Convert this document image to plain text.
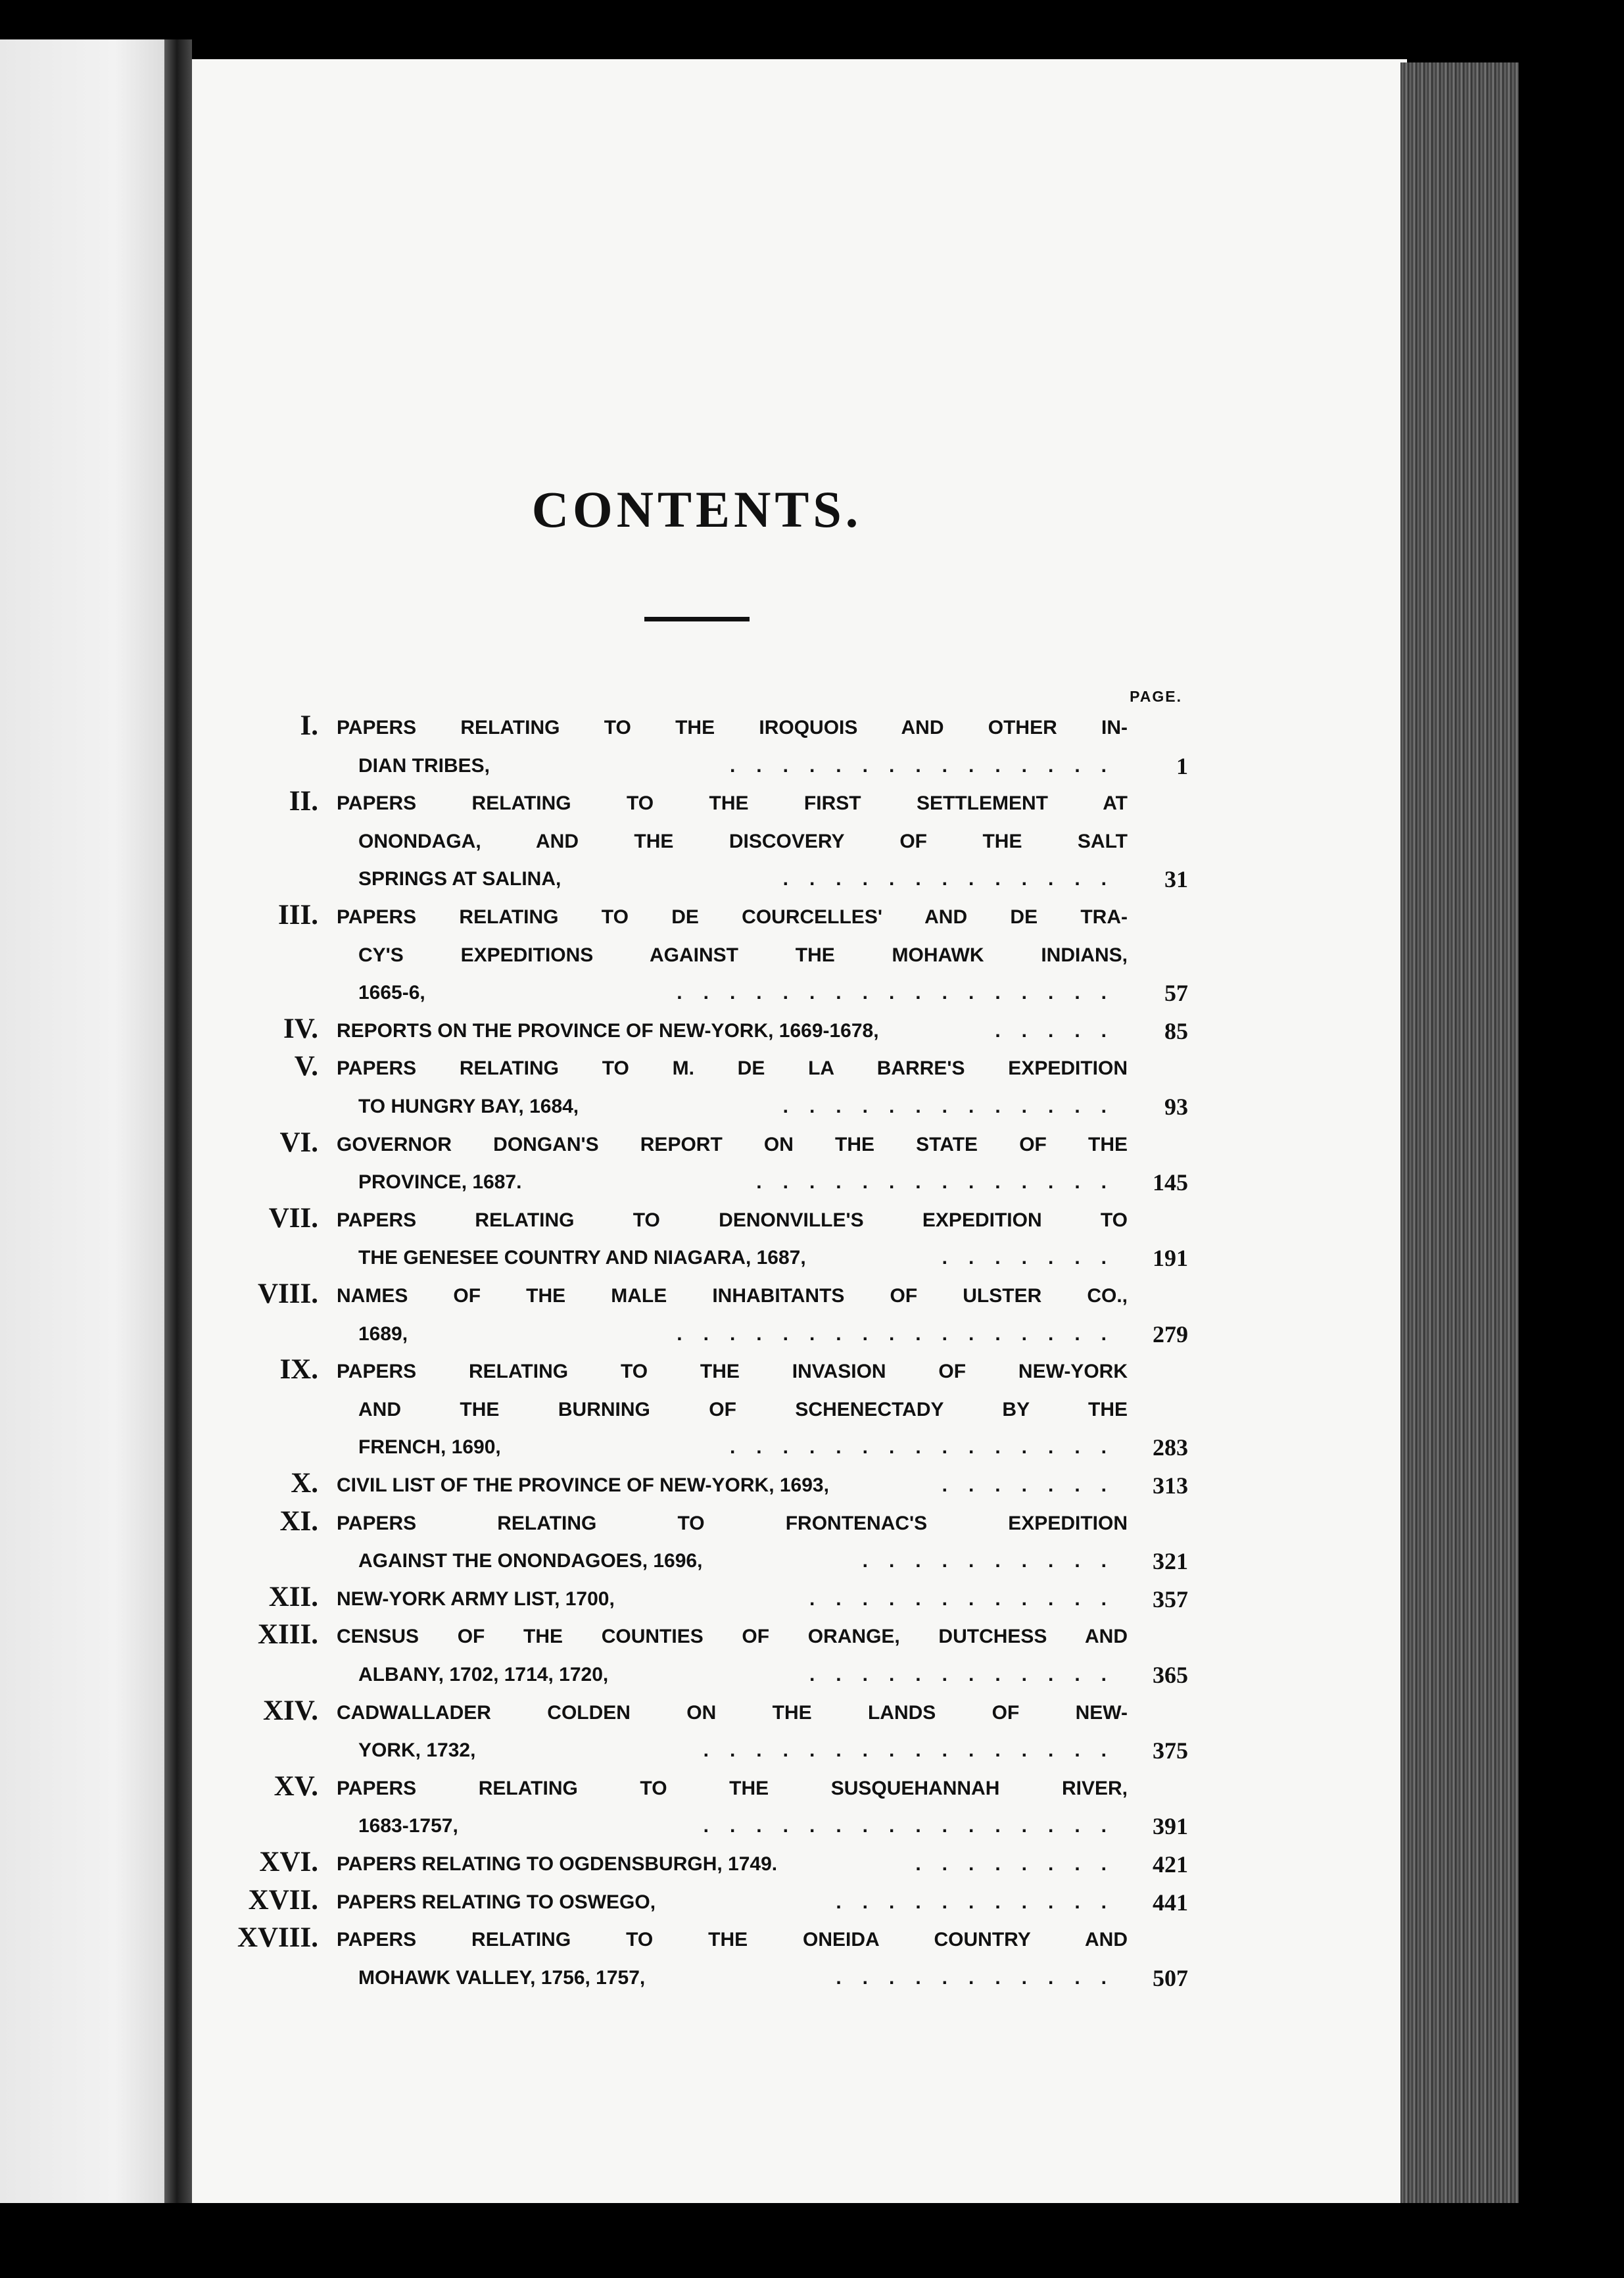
CONTENTS.
PAGE.
I. PAPERS RELATING TO THE IROQUOIS AND OTHER IN-
DIAN TRIBES,	...............	1
II. PAPERS RELATING TO THE FIRST SETTLEMENT AT
ONONDAGA, AND THE DISCOVERY OF THE SALT
SPRINGS AT SALINA,	.............	31
III. PAPERS RELATING TO DE COURCELLES' AND DE TRA-
CY'S EXPEDITIONS AGAINST THE MOHAWK INDIANS,
1665-6,	.................	57
IV. REPORTS ON THE PROVINCE OF NEW-YORK, 1669-1678,	.....	85
V. PAPERS RELATING TO M. DE LA BARRE'S EXPEDITION
TO HUNGRY BAY, 1684,	.............	93
VI. GOVERNOR DONGAN'S REPORT ON THE STATE OF THE
PROVINCE, 1687.	..............	145
VII. PAPERS RELATING TO DENONVILLE'S EXPEDITION TO
THE GENESEE COUNTRY AND NIAGARA, 1687,	.......	191
VIII. NAMES OF THE MALE INHABITANTS OF ULSTER CO.,
1689,	.................	279
IX. PAPERS RELATING TO THE INVASION OF NEW-YORK
AND THE BURNING OF SCHENECTADY BY THE
FRENCH, 1690,	...............	283
X. CIVIL LIST OF THE PROVINCE OF NEW-YORK, 1693,	.......	313
XI. PAPERS RELATING TO FRONTENAC'S EXPEDITION
AGAINST THE ONONDAGOES, 1696,	..........	321
XII. NEW-YORK ARMY LIST, 1700,	............	357
XIII. CENSUS OF THE COUNTIES OF ORANGE, DUTCHESS AND
ALBANY, 1702, 1714, 1720,	............	365
XIV. CADWALLADER COLDEN ON THE LANDS OF NEW-
YORK, 1732,	................	375
XV. PAPERS RELATING TO THE SUSQUEHANNAH RIVER,
1683-1757,	................	391
XVI. PAPERS RELATING TO OGDENSBURGH, 1749.	........	421
XVII. PAPERS RELATING TO OSWEGO,	...........	441
XVIII. PAPERS RELATING TO THE ONEIDA COUNTRY AND
MOHAWK VALLEY, 1756, 1757,	...........	507
